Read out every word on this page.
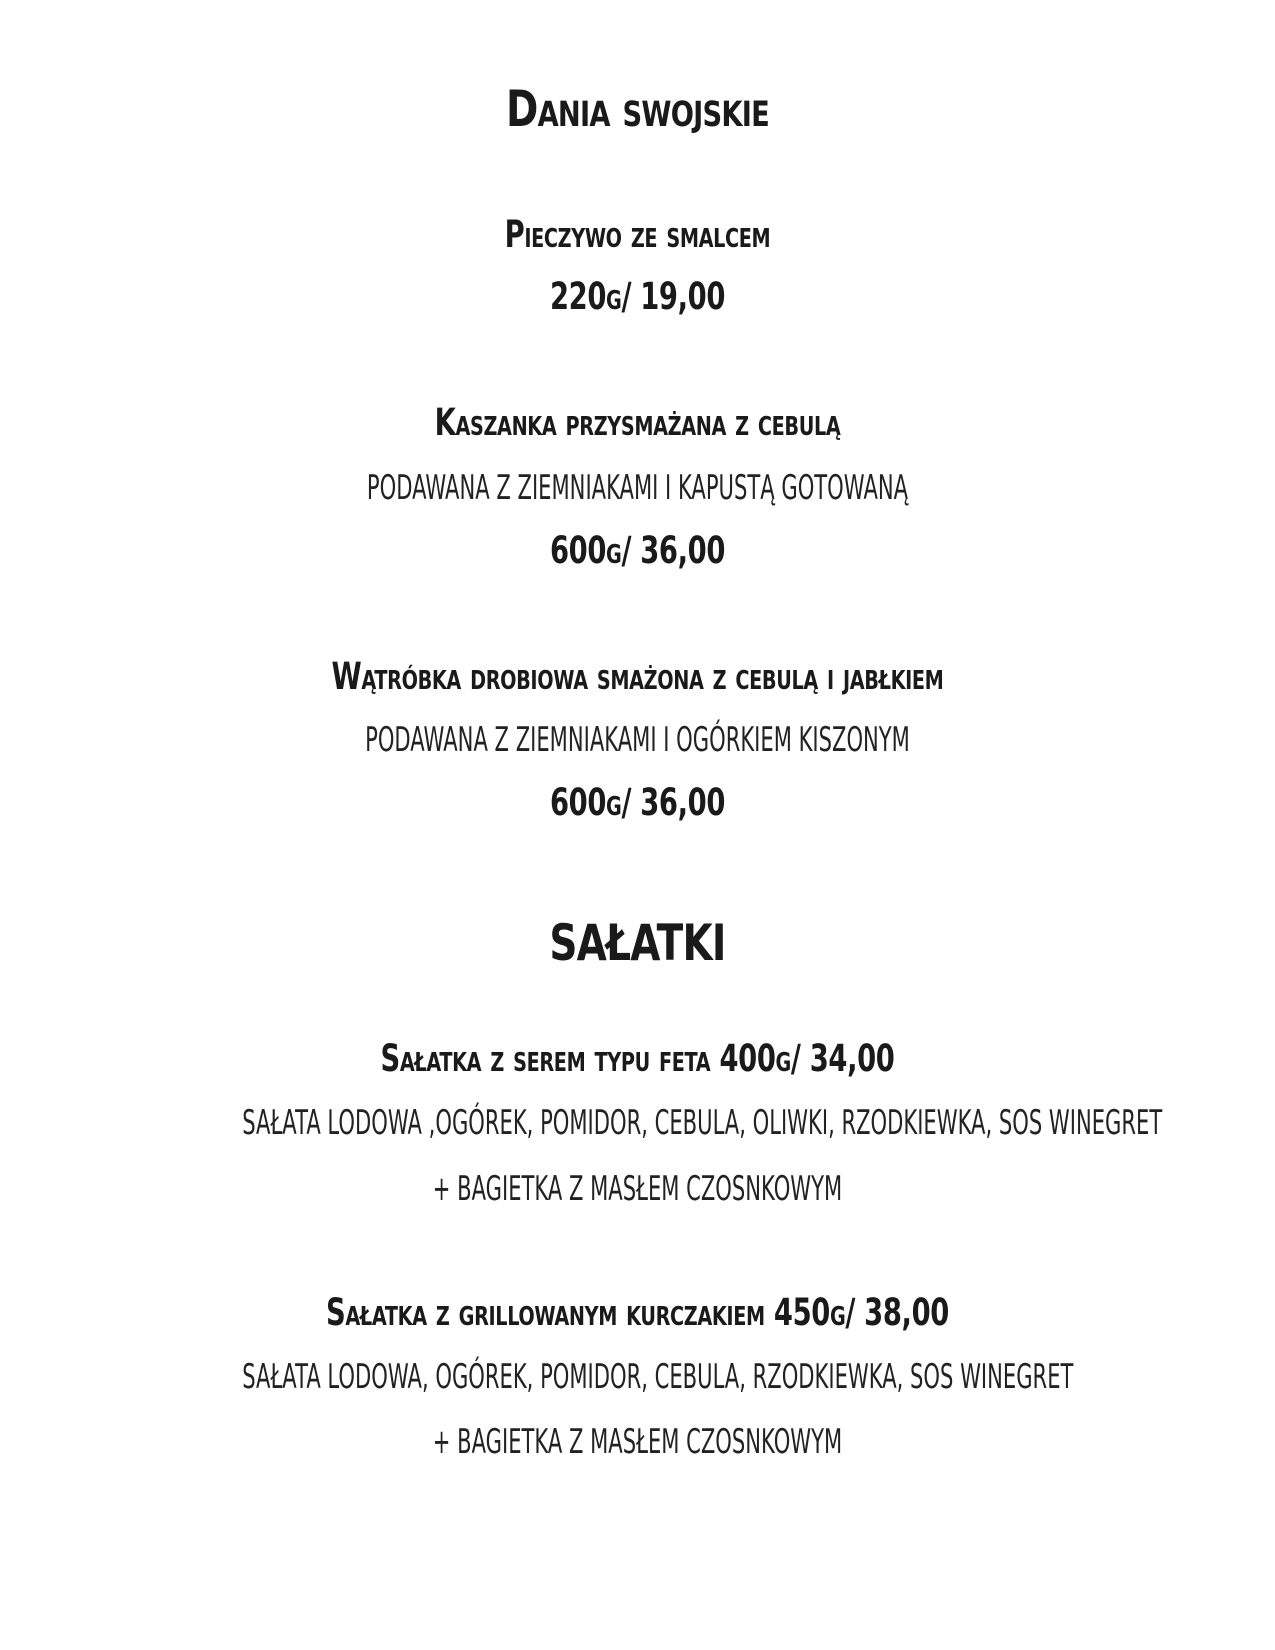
Dania swojskie
Pieczywo ze smalcem
220g/ 19,00
Kaszanka przysmażana z cebulą
PODAWANA Z ZIEMNIAKAMI I KAPUSTĄ GOTOWANĄ
600g/ 36,00
Wątróbka drobiowa smażona z cebulą i jabłkiem
PODAWANA Z ZIEMNIAKAMI I OGÓRKIEM KISZONYM
600g/ 36,00
SAŁATKI
Sałatka z serem typu feta 400g/ 34,00
SAŁATA LODOWA ,OGÓREK, POMIDOR, CEBULA, OLIWKI, RZODKIEWKA, SOS WINEGRET
+ BAGIETKA Z MASŁEM CZOSNKOWYM
Sałatka z grillowanym kurczakiem 450g/ 38,00
SAŁATA LODOWA, OGÓREK, POMIDOR, CEBULA, RZODKIEWKA, SOS WINEGRET
+ BAGIETKA Z MASŁEM CZOSNKOWYM
